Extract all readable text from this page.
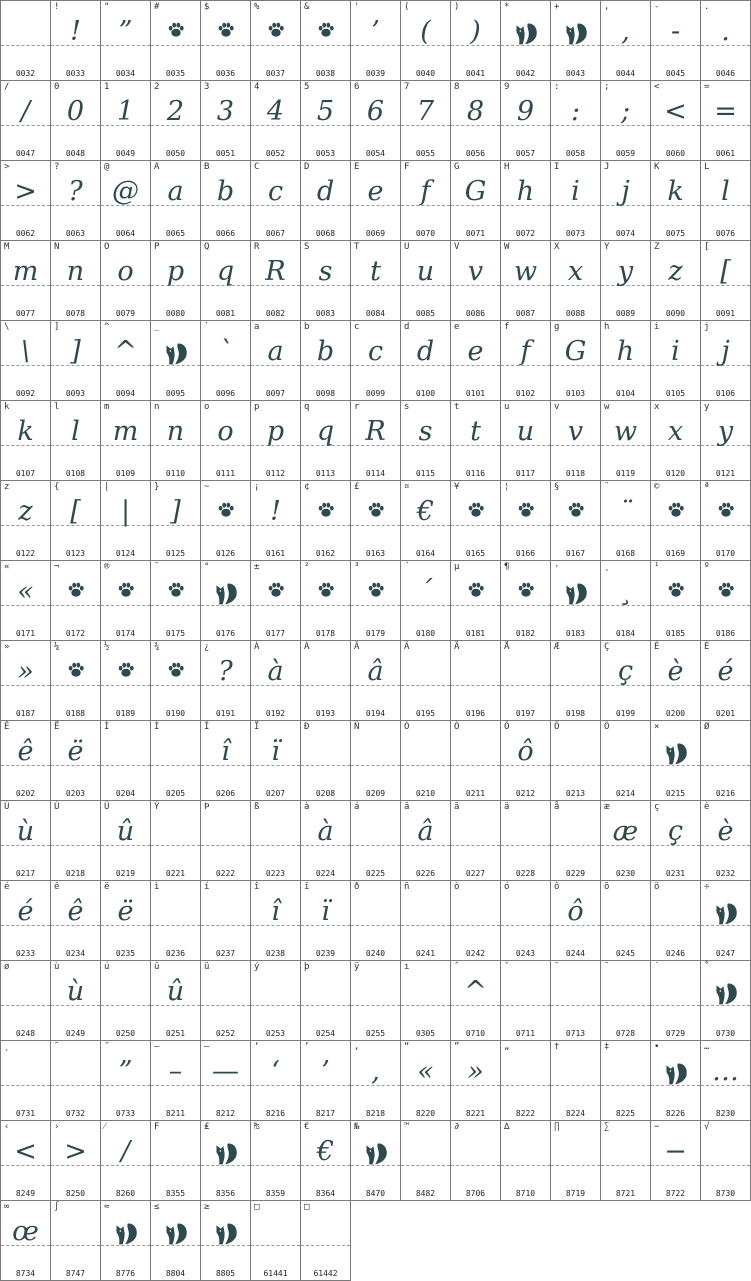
0032
!
!
0033
"
”
0034
#
0035
$
0036
%
0037
&
0038
'
’
0039
(
(
0040
)
)
0041
*
0042
+
0043
,
,
0044
-
-
0045
.
.
0046
/
/
0047
0
0
0048
1
1
0049
2
2
0050
3
3
0051
4
4
0052
5
5
0053
6
6
0054
7
7
0055
8
8
0056
9
9
0057
:
:
0058
;
;
0059
<
<
0060
=
=
0061
>
>
0062
?
?
0063
@
@
0064
A
a
0065
B
b
0066
C
c
0067
D
d
0068
E
e
0069
F
f
0070
G
G
0071
H
h
0072
I
i
0073
J
j
0074
K
k
0075
L
l
0076
M
m
0077
N
n
0078
O
o
0079
P
p
0080
Q
q
0081
R
R
0082
S
s
0083
T
t
0084
U
u
0085
V
v
0086
W
w
0087
X
x
0088
Y
y
0089
Z
z
0090
[
[
0091
\
\
0092
]
]
0093
^
^
0094
_
0095
`
`
0096
a
a
0097
b
b
0098
c
c
0099
d
d
0100
e
e
0101
f
f
0102
g
G
0103
h
h
0104
i
i
0105
j
j
0106
k
k
0107
l
l
0108
m
m
0109
n
n
0110
o
o
0111
p
p
0112
q
q
0113
r
R
0114
s
s
0115
t
t
0116
u
u
0117
v
v
0118
w
w
0119
x
x
0120
y
y
0121
z
z
0122
{
[
0123
|
|
0124
}
]
0125
~
0126
¡
!
0161
¢
0162
£
0163
¤
€
0164
¥
0165
¦
0166
§
0167
¨
¨
0168
©
0169
ª
0170
«
«
0171
¬
0172
®
0174
¯
0175
°
0176
±
0177
²
0178
³
0179
´
´
0180
µ
0181
¶
0182
·
0183
¸
¸
0184
¹
0185
º
0186
»
»
0187
¼
0188
½
0189
¾
0190
¿
?
0191
À
à
0192
Á
0193
Â
â
0194
Ã
0195
Ä
0196
Å
0197
Æ
0198
Ç
ç
0199
È
è
0200
É
é
0201
Ê
ê
0202
Ë
ë
0203
Ì
0204
Í
0205
Î
î
0206
Ï
ï
0207
Ð
0208
Ñ
0209
Ò
0210
Ó
0211
Ô
ô
0212
Õ
0213
Ö
0214
×
0215
Ø
0216
Ù
ù
0217
Ú
0218
Û
û
0219
Ý
0221
Þ
0222
ß
0223
à
à
0224
á
0225
â
â
0226
ã
0227
ä
0228
å
0229
æ
æ
0230
ç
ç
0231
è
è
0232
é
é
0233
ê
ê
0234
ë
ë
0235
ì
0236
í
0237
î
î
0238
ï
ï
0239
ð
0240
ñ
0241
ò
0242
ó
0243
ô
ô
0244
õ
0245
ö
0246
÷
0247
ø
0248
ù
ù
0249
ú
0250
û
û
0251
ü
0252
ý
0253
þ
0254
ÿ
0255
ı
0305
ˆ
^
0710
ˇ
0711
¯
0713
˘
0728
˙
0729
˚
0730
˛
0731
˜
0732
˝
”
0733
–
–
8211
—
—
8212
‘
‘
8216
’
’
8217
‚
,
8218
“
«
8220
”
»
8221
„
8222
†
8224
‡
8225
•
8226
…
…
8230
‹
<
8249
›
>
8250
⁄
/
8260
F
8355
₤
8356
₧
8359
€
€
8364
№
8470
™
8482
∂
8706
∆
8710
∏
8719
∑
8721
−
−
8722
√
8730
∞
œ
8734
∫
8747
≈
8776
≤
8804
≥
8805
□
61441
□
61442
